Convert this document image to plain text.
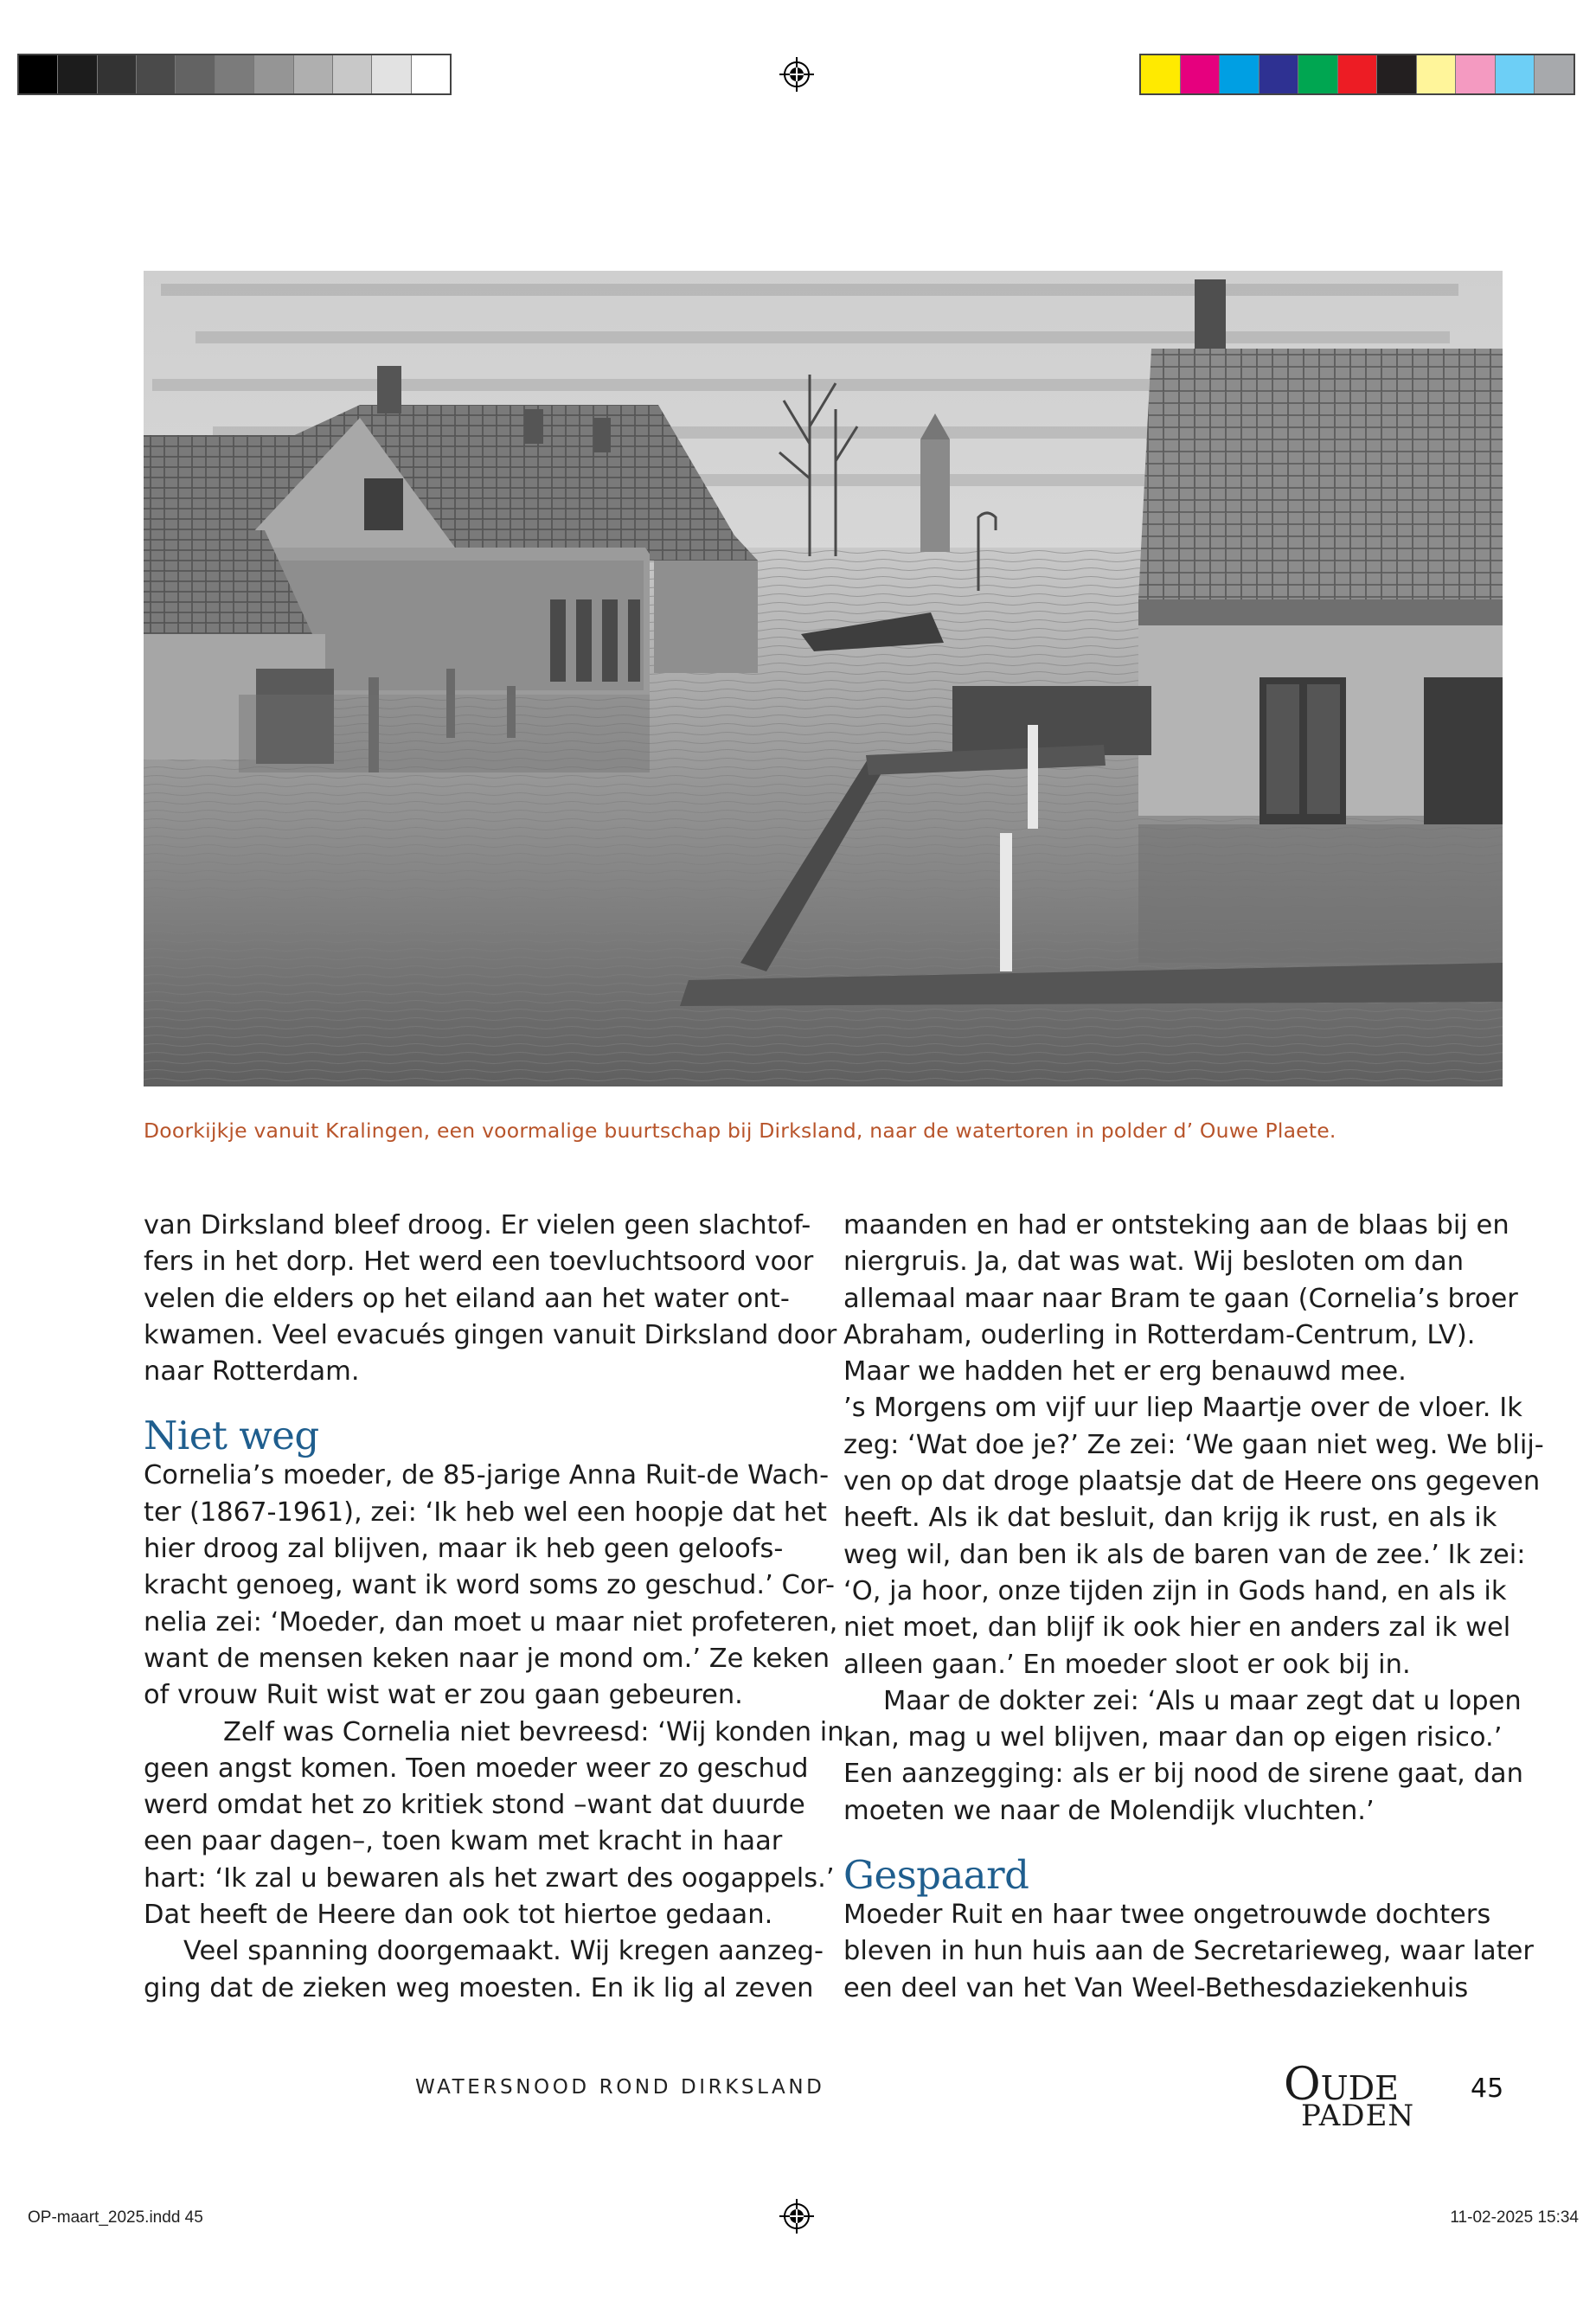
OP-maart_2025.indd 45	11-02-2025 15:34
Doorkijkje vanuit Kralingen, een voormalige buurtschap bij Dirksland, naar de watertoren in polder d’ Ouwe Plaete.

van Dirksland bleef droog. Er vielen geen slachtof-
fers in het dorp. Het werd een toevluchtsoord voor
velen die elders op het eiland aan het water ont-
kwamen. Veel evacués gingen vanuit Dirksland door
naar Rotterdam.

Niet weg

Cornelia’s moeder, de 85-jarige Anna Ruit-de Wach-
ter (1867-1961), zei: ‘Ik heb wel een hoopje dat het
hier droog zal blijven, maar ik heb geen geloofs-
kracht genoeg, want ik word soms zo geschud.’ Cor-
nelia zei: ‘Moeder, dan moet u maar niet profeteren,
want de mensen keken naar je mond om.’ Ze keken
of vrouw Ruit wist wat er zou gaan gebeuren.

Zelf was Cornelia niet bevreesd: ‘Wij konden in
geen angst komen. Toen moeder weer zo geschud
werd omdat het zo kritiek stond –want dat duurde
een paar dagen–, toen kwam met kracht in haar
hart: ‘Ik zal u bewaren als het zwart des oogappels.’
Dat heeft de Heere dan ook tot hiertoe gedaan.

Veel spanning doorgemaakt. Wij kregen aanzeg-
ging dat de zieken weg moesten. En ik lig al zeven

maanden en had er ontsteking aan de blaas bij en
niergruis. Ja, dat was wat. Wij besloten om dan
allemaal maar naar Bram te gaan (Cornelia’s broer
Abraham, ouderling in Rotterdam-Centrum, LV).
Maar we hadden het er erg benauwd mee.
’s Morgens om vijf uur liep Maartje over de vloer. Ik
zeg: ‘Wat doe je?’ Ze zei: ‘We gaan niet weg. We blij-
ven op dat droge plaatsje dat de Heere ons gegeven
heeft. Als ik dat besluit, dan krijg ik rust, en als ik
weg wil, dan ben ik als de baren van de zee.’ Ik zei:
‘O, ja hoor, onze tijden zijn in Gods hand, en als ik
niet moet, dan blijf ik ook hier en anders zal ik wel
alleen gaan.’ En moeder sloot er ook bij in.

Maar de dokter zei: ‘Als u maar zegt dat u lopen
kan, mag u wel blijven, maar dan op eigen risico.’
Een aanzegging: als er bij nood de sirene gaat, dan
moeten we naar de Molendijk vluchten.’

Gespaard

Moeder Ruit en haar twee ongetrouwde dochters
bleven in hun huis aan de Secretarieweg, waar later
een deel van het Van Weel-Bethesdaziekenhuis

WATERSNOOD ROND DIRKSLAND	OUDE
PADEN
45
